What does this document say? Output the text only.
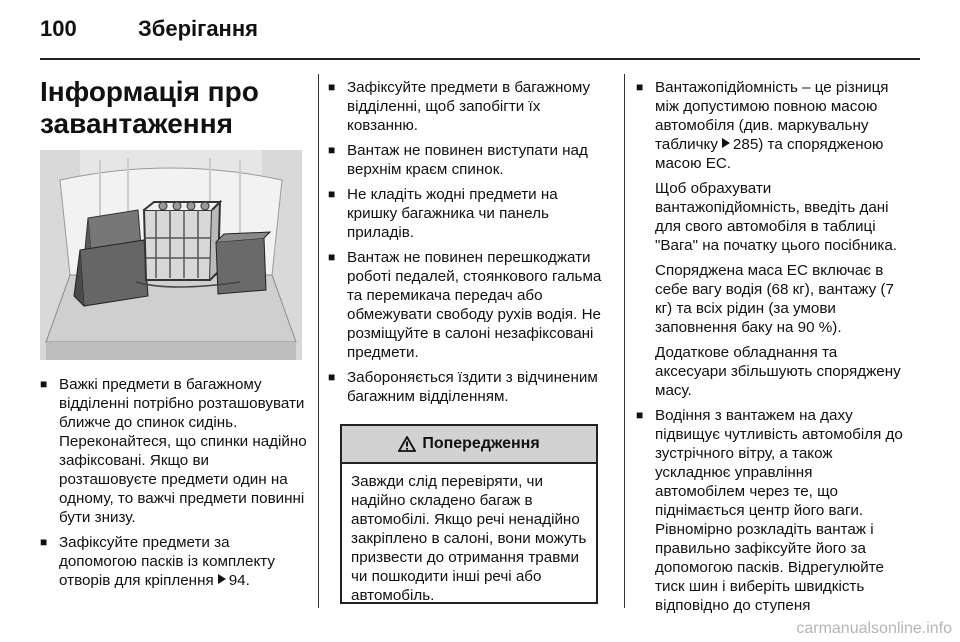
100	Зберігання
Інформація про
завантаження
■ Важкі предмети в багажному відділенні потрібно розташовувати ближче до спинок сидінь. Переконайтеся, що спинки надійно зафіксовані. Якщо ви розташовуєте предмети один на одному, то важчі предмети повинні бути знизу.
■ Зафіксуйте предмети за допомогою пасків із комплекту отворів для кріплення 94.
■ Зафіксуйте предмети в багажному відділенні, щоб запобігти їх ковзанню.
■ Вантаж не повинен виступати над верхнім краєм спинок.
■ Не кладіть жодні предмети на кришку багажника чи панель приладів.
■ Вантаж не повинен перешкоджати роботі педалей, стоянкового гальма та перемикача передач або обмежувати свободу рухів водія. Не розміщуйте в салоні незафіксовані предмети.
■ Забороняється їздити з відчиненим багажним відділенням.
Попередження

Завжди слід перевіряти, чи надійно складено багаж в автомобілі. Якщо речі ненадійно закріплено в салоні, вони можуть призвести до отримання травми чи пошкодити інші речі або автомобіль.

■ Вантажопідйомність – це різниця між допустимою повною масою автомобіля (див. маркувальну табличку 285) та спорядженою масою ЕС.

Щоб обрахувати вантажопідйомність, введіть дані для свого автомобіля в таблиці "Вага" на початку цього посібника.

Споряджена маса ЕС включає в себе вагу водія (68 кг), вантажу (7 кг) та всіх рідин (за умови заповнення баку на 90 %).

Додаткове обладнання та аксесуари збільшують споряджену масу.

■ Водіння з вантажем на даху підвищує чутливість автомобіля до зустрічного вітру, а також ускладнює управління автомобілем через те, що піднімається центр його ваги. Рівномірно розкладіть вантаж і правильно зафіксуйте його за допомогою пасків. Відрегулюйте тиск шин і виберіть швидкість відповідно до ступеня
carmanualsonline.info
